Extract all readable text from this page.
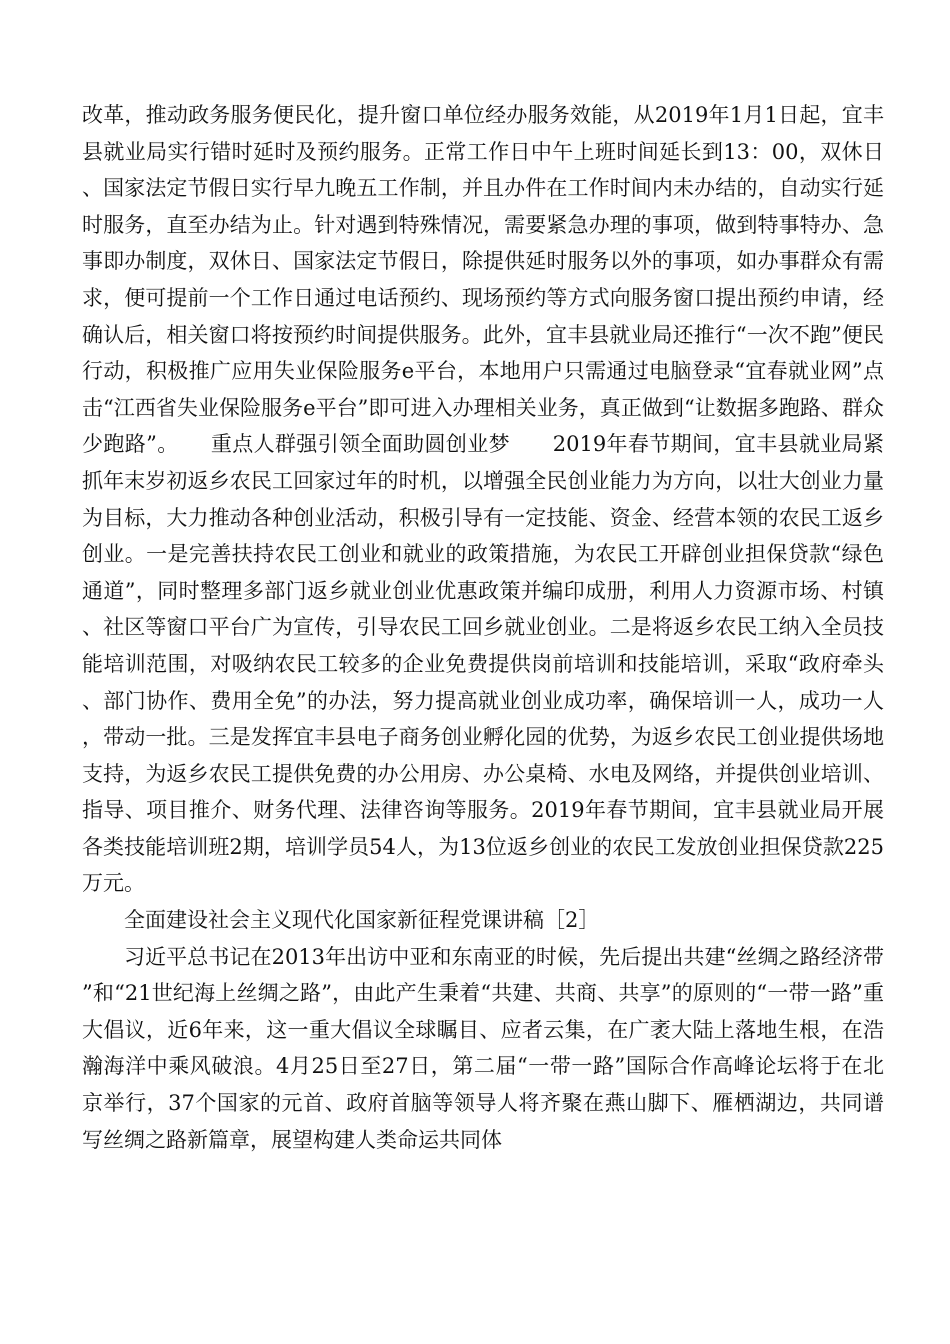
改革，推动政务服务便民化，提升窗口单位经办服务效能，从2019年1月1日起，宜丰县就业局实行错时延时及预约服务。正常工作日中午上班时间延长到13：00，双休日、国家法定节假日实行早九晚五工作制，并且办件在工作时间内未办结的，自动实行延时服务，直至办结为止。针对遇到特殊情况，需要紧急办理的事项，做到特事特办、急事即办制度，双休日、国家法定节假日，除提供延时服务以外的事项，如办事群众有需求，便可提前一个工作日通过电话预约、现场预约等方式向服务窗口提出预约申请，经确认后，相关窗口将按预约时间提供服务。此外，宜丰县就业局还推行“一次不跑”便民行动，积极推广应用失业保险服务e平台，本地用户只需通过电脑登录“宜春就业网”点击“江西省失业保险服务e平台”即可进入办理相关业务，真正做到“让数据多跑路、群众少跑路”。　　重点人群强引领全面助圆创业梦　　2019年春节期间，宜丰县就业局紧抓年末岁初返乡农民工回家过年的时机，以增强全民创业能力为方向，以壮大创业力量为目标，大力推动各种创业活动，积极引导有一定技能、资金、经营本领的农民工返乡创业。一是完善扶持农民工创业和就业的政策措施，为农民工开辟创业担保贷款“绿色通道”，同时整理多部门返乡就业创业优惠政策并编印成册，利用人力资源市场、村镇、社区等窗口平台广为宣传，引导农民工回乡就业创业。二是将返乡农民工纳入全员技能培训范围，对吸纳农民工较多的企业免费提供岗前培训和技能培训，采取“政府牵头、部门协作、费用全免”的办法，努力提高就业创业成功率，确保培训一人，成功一人，带动一批。三是发挥宜丰县电子商务创业孵化园的优势，为返乡农民工创业提供场地支持，为返乡农民工提供免费的办公用房、办公桌椅、水电及网络，并提供创业培训、指导、项目推介、财务代理、法律咨询等服务。2019年春节期间，宜丰县就业局开展各类技能培训班2期，培训学员54人，为13位返乡创业的农民工发放创业担保贷款225万元。

全面建设社会主义现代化国家新征程党课讲稿［2］

习近平总书记在2013年出访中亚和东南亚的时候，先后提出共建“丝绸之路经济带”和“21世纪海上丝绸之路”，由此产生秉着“共建、共商、共享”的原则的“一带一路”重大倡议，近6年来，这一重大倡议全球瞩目、应者云集，在广袤大陆上落地生根，在浩瀚海洋中乘风破浪。4月25日至27日，第二届“一带一路”国际合作高峰论坛将于在北京举行，37个国家的元首、政府首脑等领导人将齐聚在燕山脚下、雁栖湖边，共同谱写丝绸之路新篇章，展望构建人类命运共同体
